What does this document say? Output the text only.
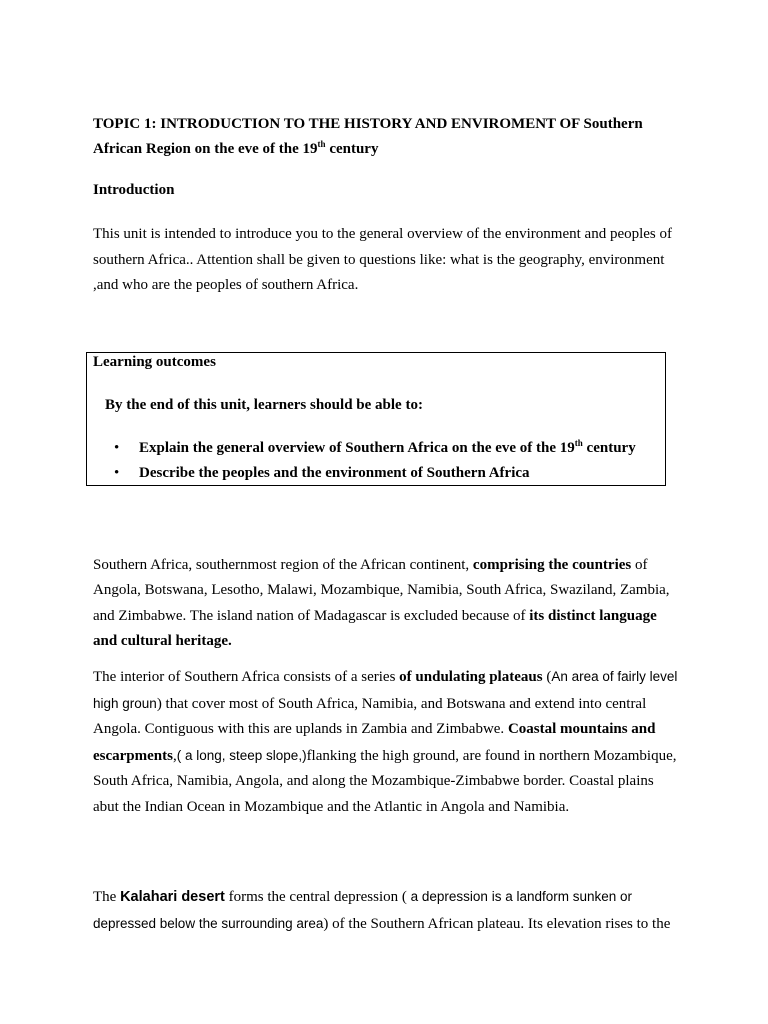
TOPIC 1: INTRODUCTION TO THE HISTORY AND ENVIROMENT OF Southern African Region on the eve of the 19th century

Introduction

This unit is intended to introduce you to the general overview of the environment and peoples of southern Africa.. Attention shall be given to questions like: what is the geography, environment ,and who are the peoples of southern Africa.

Learning outcomes

By the end of this unit, learners should be able to:

• Explain the general overview of Southern Africa on the eve of the 19th century
• Describe the peoples and the environment of Southern Africa

Southern Africa, southernmost region of the African continent, comprising the countries of Angola, Botswana, Lesotho, Malawi, Mozambique, Namibia, South Africa, Swaziland, Zambia, and Zimbabwe. The island nation of Madagascar is excluded because of its distinct language and cultural heritage.

The interior of Southern Africa consists of a series of undulating plateaus (An area of fairly level high groun) that cover most of South Africa, Namibia, and Botswana and extend into central Angola. Contiguous with this are uplands in Zambia and Zimbabwe. Coastal mountains and escarpments,( a long, steep slope,)flanking the high ground, are found in northern Mozambique, South Africa, Namibia, Angola, and along the Mozambique-Zimbabwe border. Coastal plains abut the Indian Ocean in Mozambique and the Atlantic in Angola and Namibia.

The Kalahari desert forms the central depression ( a depression is a landform sunken or depressed below the surrounding area) of the Southern African plateau. Its elevation rises to the
